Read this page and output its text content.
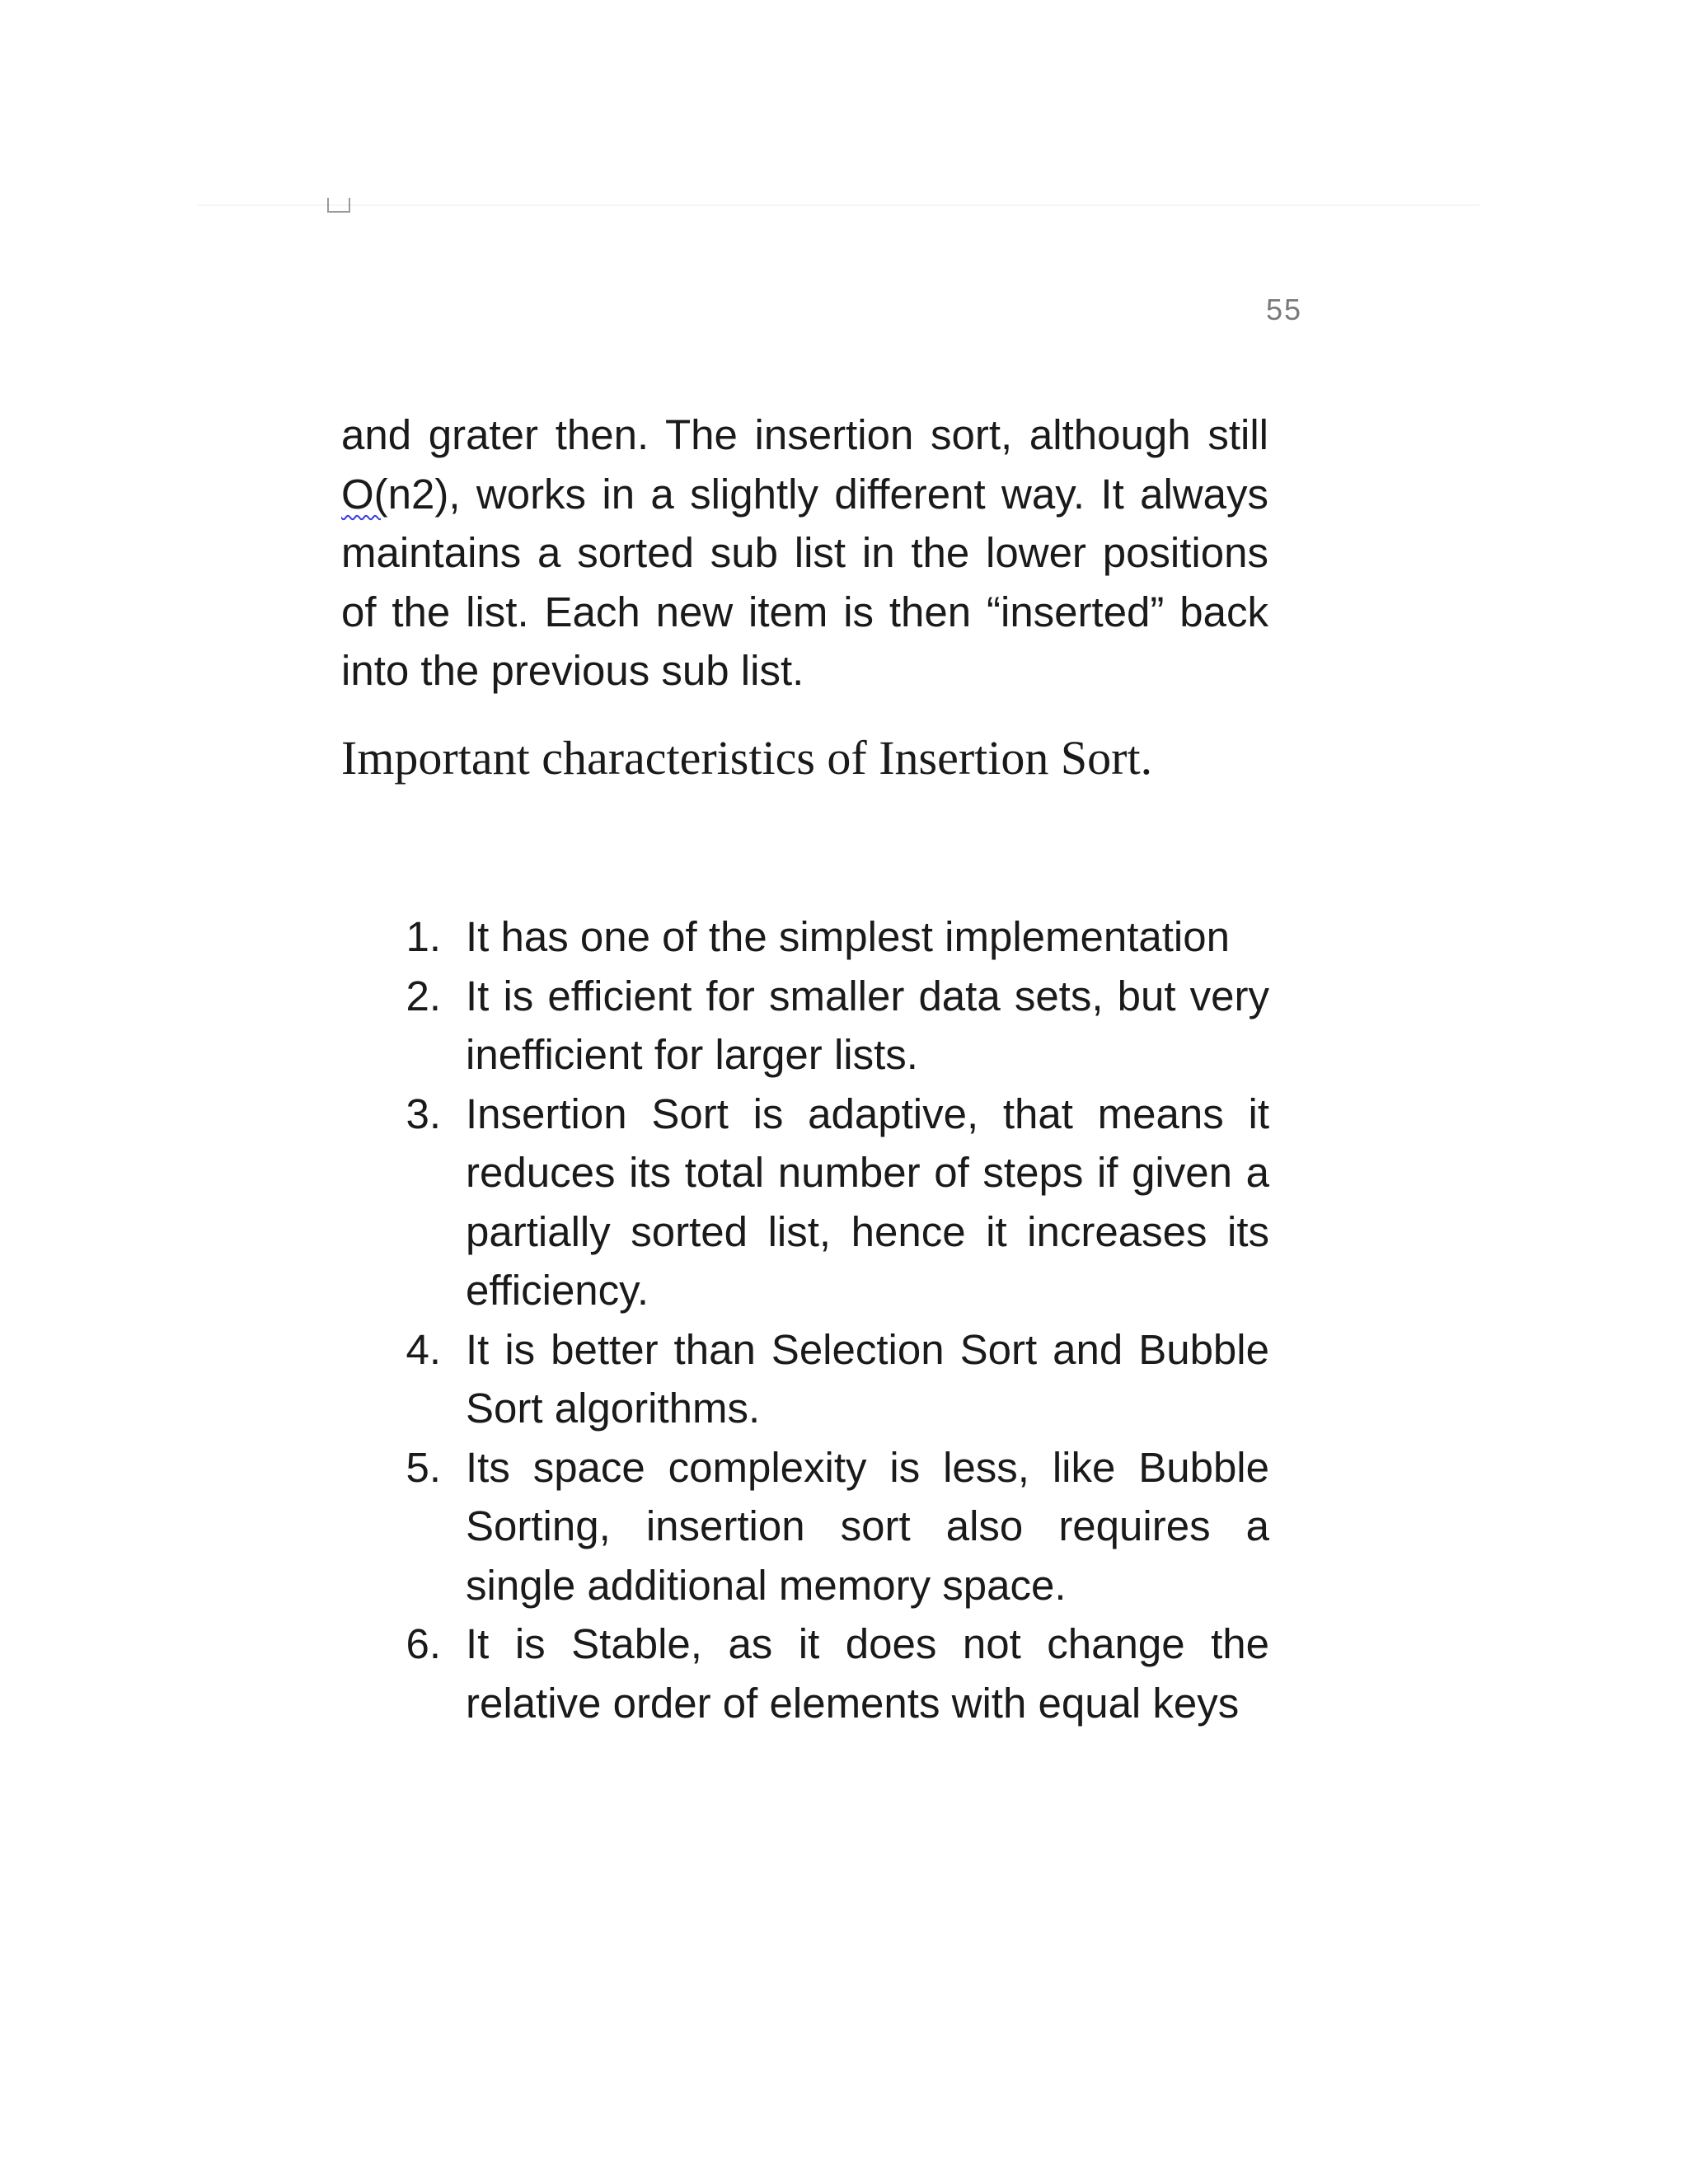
55

and grater then. The insertion sort, although still O(n2), works in a slightly different way. It always maintains a sorted sub list in the lower positions of the list. Each new item is then “inserted” back into the previous sub list.

Important characteristics of Insertion Sort.
1. It has one of the simplest implementation
2. It is efficient for smaller data sets, but very inefficient for larger lists.
3. Insertion Sort is adaptive, that means it reduces its total number of steps if given a partially sorted list, hence it increases its efficiency.
4. It is better than Selection Sort and Bubble Sort algorithms.
5. Its space complexity is less, like Bubble Sorting, insertion sort also requires a single additional memory space.
6. It is Stable, as it does not change the relative order of elements with equal keys
